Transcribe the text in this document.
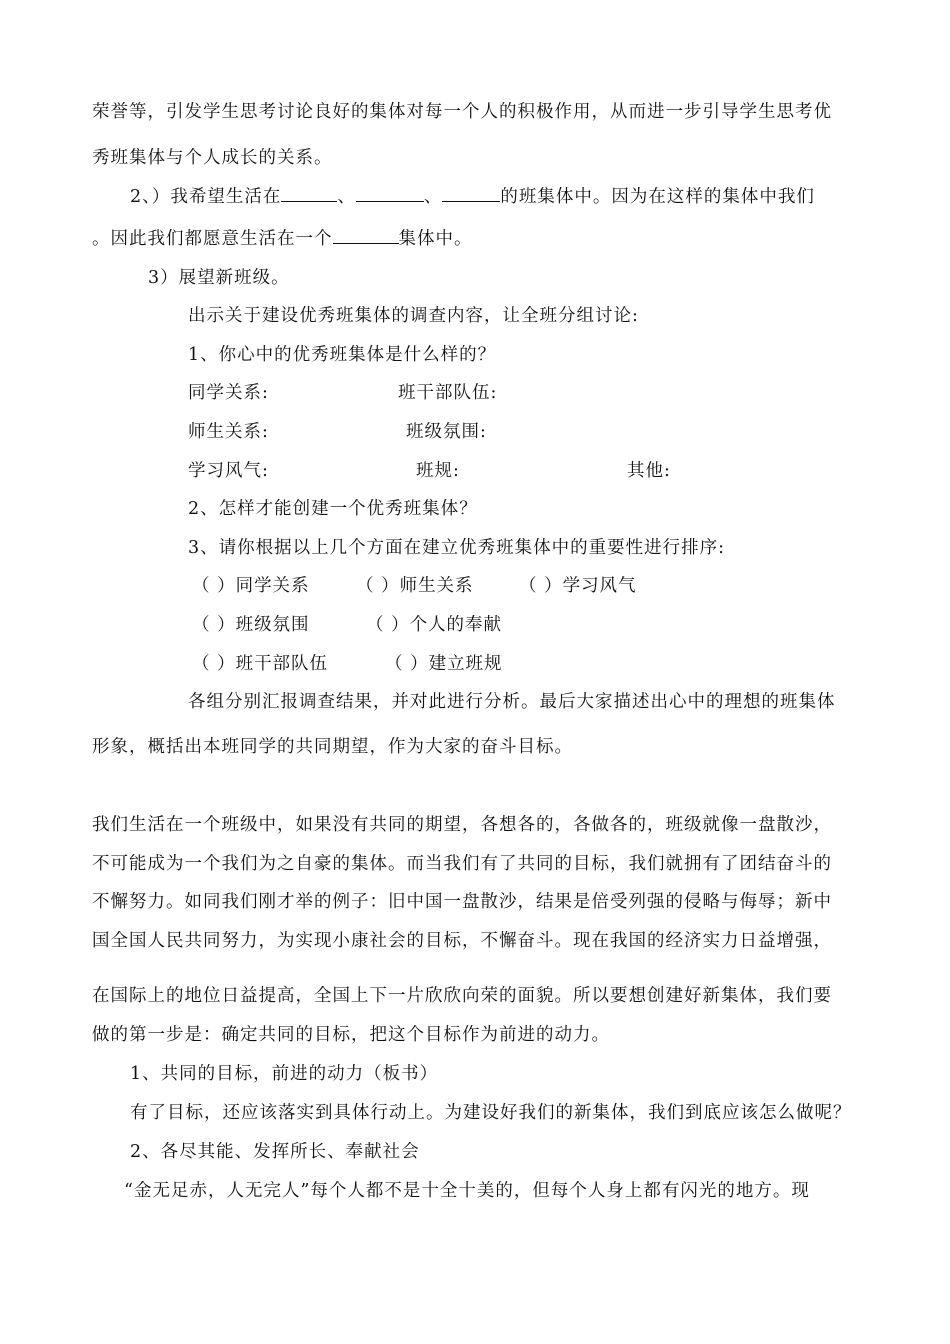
荣誉等，引发学生思考讨论良好的集体对每一个人的积极作用，从而进一步引导学生思考优
秀班集体与个人成长的关系。
2、）我希望生活在	、	、	的班集体中。因为在这样的集体中我们
。因此我们都愿意生活在一个	集体中。
3）展望新班级。
出示关于建设优秀班集体的调查内容，让全班分组讨论:
1、你心中的优秀班集体是什么样的？
同学关系:	班干部队伍:
师生关系:	班级氛围:
学习风气:	班规:	其他:
2、怎样才能创建一个优秀班集体？
3、请你根据以上几个方面在建立优秀班集体中的重要性进行排序:
（ ）同学关系	（ ）师生关系	（ ）学习风气
（ ）班级氛围	（ ）个人的奉献
（ ）班干部队伍	（ ）建立班规
各组分别汇报调查结果，并对此进行分析。最后大家描述出心中的理想的班集体
形象，概括出本班同学的共同期望，作为大家的奋斗目标。
我们生活在一个班级中，如果没有共同的期望，各想各的，各做各的，班级就像一盘散沙，
不可能成为一个我们为之自豪的集体。而当我们有了共同的目标，我们就拥有了团结奋斗的
不懈努力。如同我们刚才举的例子：旧中国一盘散沙，结果是倍受列强的侵略与侮辱；新中
国全国人民共同努力，为实现小康社会的目标，不懈奋斗。现在我国的经济实力日益增强，
在国际上的地位日益提高，全国上下一片欣欣向荣的面貌。所以要想创建好新集体，我们要
做的第一步是：确定共同的目标，把这个目标作为前进的动力。
1、共同的目标，前进的动力（板书）
有了目标，还应该落实到具体行动上。为建设好我们的新集体，我们到底应该怎么做呢？
2、各尽其能、发挥所长、奉献社会
“金无足赤，人无完人”每个人都不是十全十美的，但每个人身上都有闪光的地方。现
